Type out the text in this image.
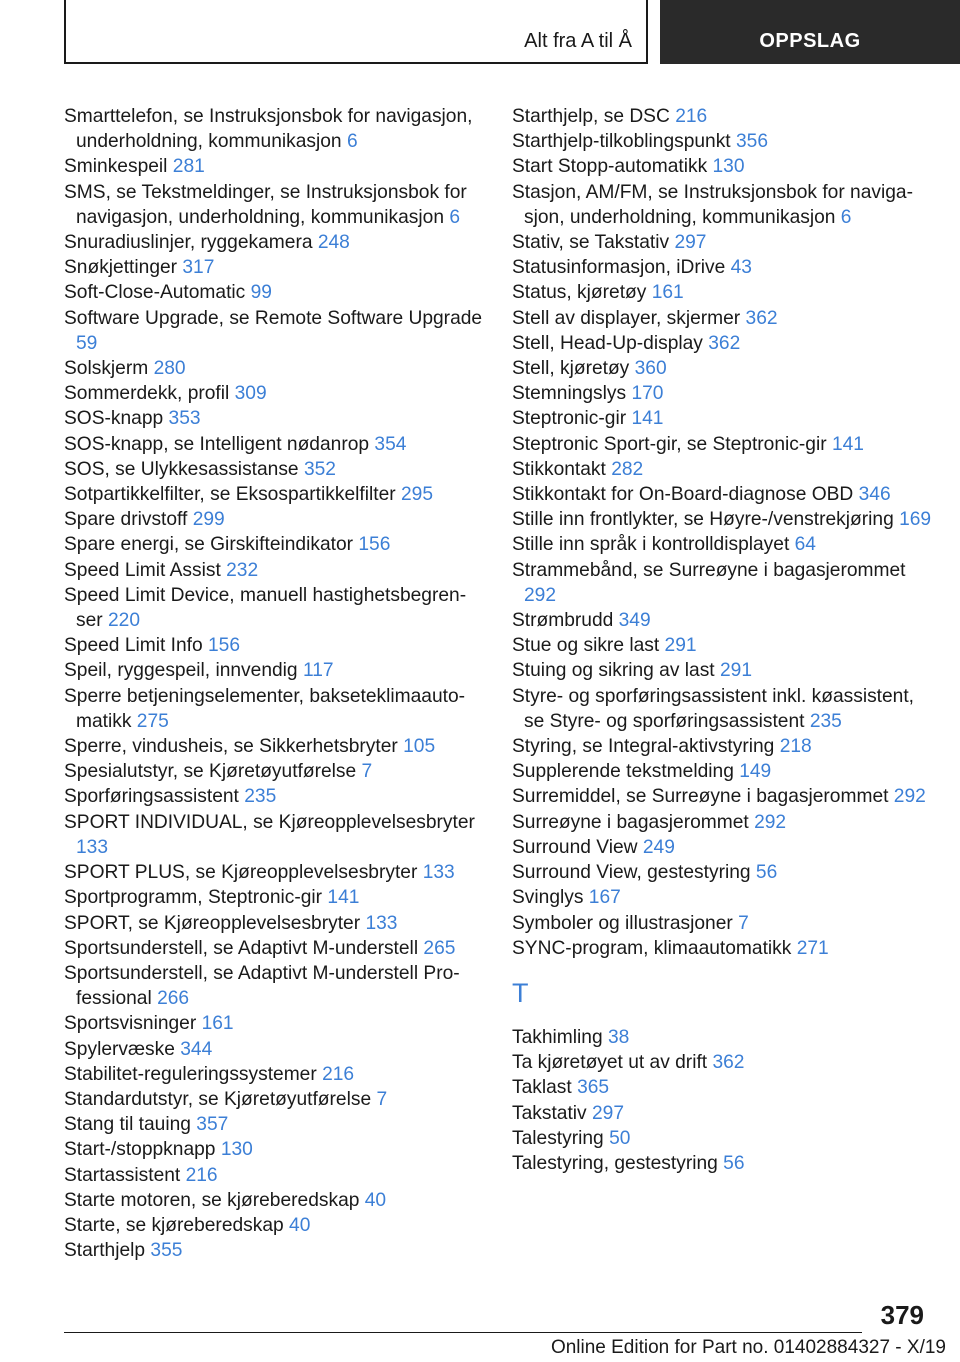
Alt fra A til Å	OPPSLAG
Smarttelefon, se Instruksjonsbok for navigasjon, underholdning, kommunikasjon 6
Sminkespeil 281
SMS, se Tekstmeldinger, se Instruksjonsbok for navigasjon, underholdning, kommunikasjon 6
Snuradiuslinjer, ryggekamera 248
Snøkjettinger 317
Soft-Close-Automatic 99
Software Upgrade, se Remote Software Upgrade 59
Solskjerm 280
Sommerdekk, profil 309
SOS-knapp 353
SOS-knapp, se Intelligent nødanrop 354
SOS, se Ulykkesassistanse 352
Sotpartikkelfilter, se Eksospartikkelfilter 295
Spare drivstoff 299
Spare energi, se Girskifteindikator 156
Speed Limit Assist 232
Speed Limit Device, manuell hastighetsbegrenser 220
Speed Limit Info 156
Speil, ryggespeil, innvendig 117
Sperre betjeningselementer, bakseteklimaautomatikk 275
Sperre, vindusheis, se Sikkerhetsbryter 105
Spesialutstyr, se Kjøretøyutførelse 7
Sporføringsassistent 235
SPORT INDIVIDUAL, se Kjøreopplevelsesbryter 133
SPORT PLUS, se Kjøreopplevelsesbryter 133
Sportprogramm, Steptronic-gir 141
SPORT, se Kjøreopplevelsesbryter 133
Sportsunderstell, se Adaptivt M-understell 265
Sportsunderstell, se Adaptivt M-understell Professional 266
Sportsvisninger 161
Spylervæske 344
Stabilitet-reguleringssystemer 216
Standardutstyr, se Kjøretøyutførelse 7
Stang til tauing 357
Start-/stoppknapp 130
Startassistent 216
Starte motoren, se kjøreberedskap 40
Starte, se kjøreberedskap 40
Starthjelp 355
Starthjelp, se DSC 216
Starthjelp-tilkoblingspunkt 356
Start Stopp-automatikk 130
Stasjon, AM/FM, se Instruksjonsbok for navigasjon, underholdning, kommunikasjon 6
Stativ, se Takstativ 297
Statusinformasjon, iDrive 43
Status, kjøretøy 161
Stell av displayer, skjermer 362
Stell, Head-Up-display 362
Stell, kjøretøy 360
Stemningslys 170
Steptronic-gir 141
Steptronic Sport-gir, se Steptronic-gir 141
Stikkontakt 282
Stikkontakt for On-Board-diagnose OBD 346
Stille inn frontlykter, se Høyre-/venstrekjøring 169
Stille inn språk i kontrolldisplayet 64
Strammebånd, se Surreøyne i bagasjerommet 292
Strømbrudd 349
Stue og sikre last 291
Stuing og sikring av last 291
Styre- og sporføringsassistent inkl. køassistent, se Styre- og sporføringsassistent 235
Styring, se Integral-aktivstyring 218
Supplerende tekstmelding 149
Surremiddel, se Surreøyne i bagasjerommet 292
Surreøyne i bagasjerommet 292
Surround View 249
Surround View, gestestyring 56
Svinglys 167
Symboler og illustrasjoner 7
SYNC-program, klimaautomatikk 271
T
Takhimling 38
Ta kjøretøyet ut av drift 362
Taklast 365
Takstativ 297
Talestyring 50
Talestyring, gestestyring 56
379
Online Edition for Part no. 01402884327 - X/19
